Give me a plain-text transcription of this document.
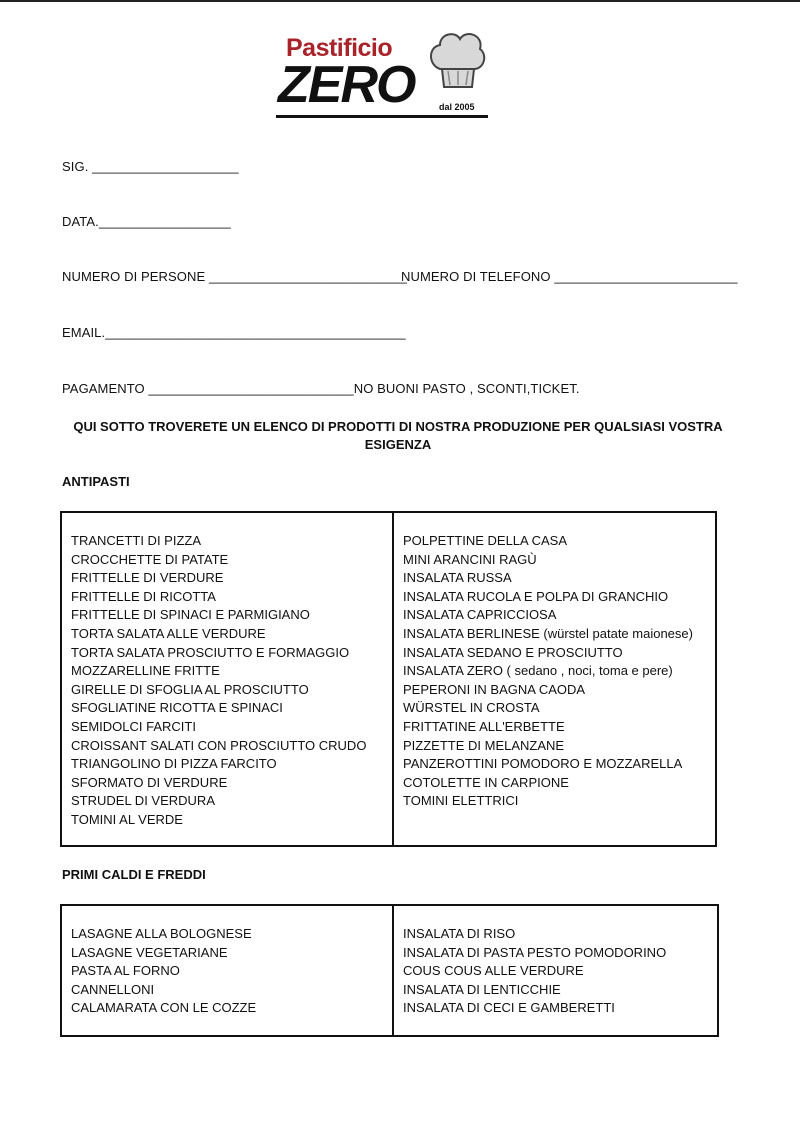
Pastificio
ZERO	dal 2005
SIG. ____________________
DATA.__________________
NUMERO DI PERSONE ___________________________
NUMERO DI TELEFONO _________________________
EMAIL._________________________________________
PAGAMENTO ____________________________NO BUONI PASTO , SCONTI,TICKET.
QUI SOTTO TROVERETE UN ELENCO DI PRODOTTI DI NOSTRA PRODUZIONE PER QUALSIASI VOSTRA ESIGENZA
ANTIPASTI
TRANCETTI DI PIZZA
CROCCHETTE DI PATATE
FRITTELLE DI VERDURE
FRITTELLE DI RICOTTA
FRITTELLE DI SPINACI E PARMIGIANO
TORTA SALATA ALLE VERDURE
TORTA SALATA PROSCIUTTO E FORMAGGIO
MOZZARELLINE FRITTE
GIRELLE DI SFOGLIA AL PROSCIUTTO
SFOGLIATINE RICOTTA E SPINACI
SEMIDOLCI FARCITI
CROISSANT SALATI CON PROSCIUTTO CRUDO
TRIANGOLINO DI PIZZA FARCITO
SFORMATO DI VERDURE
STRUDEL DI VERDURA
TOMINI AL VERDE
POLPETTINE DELLA CASA
MINI ARANCINI RAGÙ
INSALATA RUSSA
INSALATA RUCOLA E POLPA DI GRANCHIO
INSALATA CAPRICCIOSA
INSALATA BERLINESE (würstel patate maionese)
INSALATA SEDANO E PROSCIUTTO
INSALATA ZERO ( sedano , noci, toma e pere)
PEPERONI IN BAGNA CAODA
WÜRSTEL IN CROSTA
FRITTATINE ALL'ERBETTE
PIZZETTE DI MELANZANE
PANZEROTTINI POMODORO E MOZZARELLA
COTOLETTE IN CARPIONE
TOMINI ELETTRICI
PRIMI CALDI E FREDDI
LASAGNE ALLA BOLOGNESE
LASAGNE VEGETARIANE
PASTA AL FORNO
CANNELLONI
CALAMARATA CON LE COZZE
INSALATA DI RISO
INSALATA DI PASTA PESTO POMODORINO
COUS COUS ALLE VERDURE
INSALATA DI LENTICCHIE
INSALATA DI CECI E GAMBERETTI
